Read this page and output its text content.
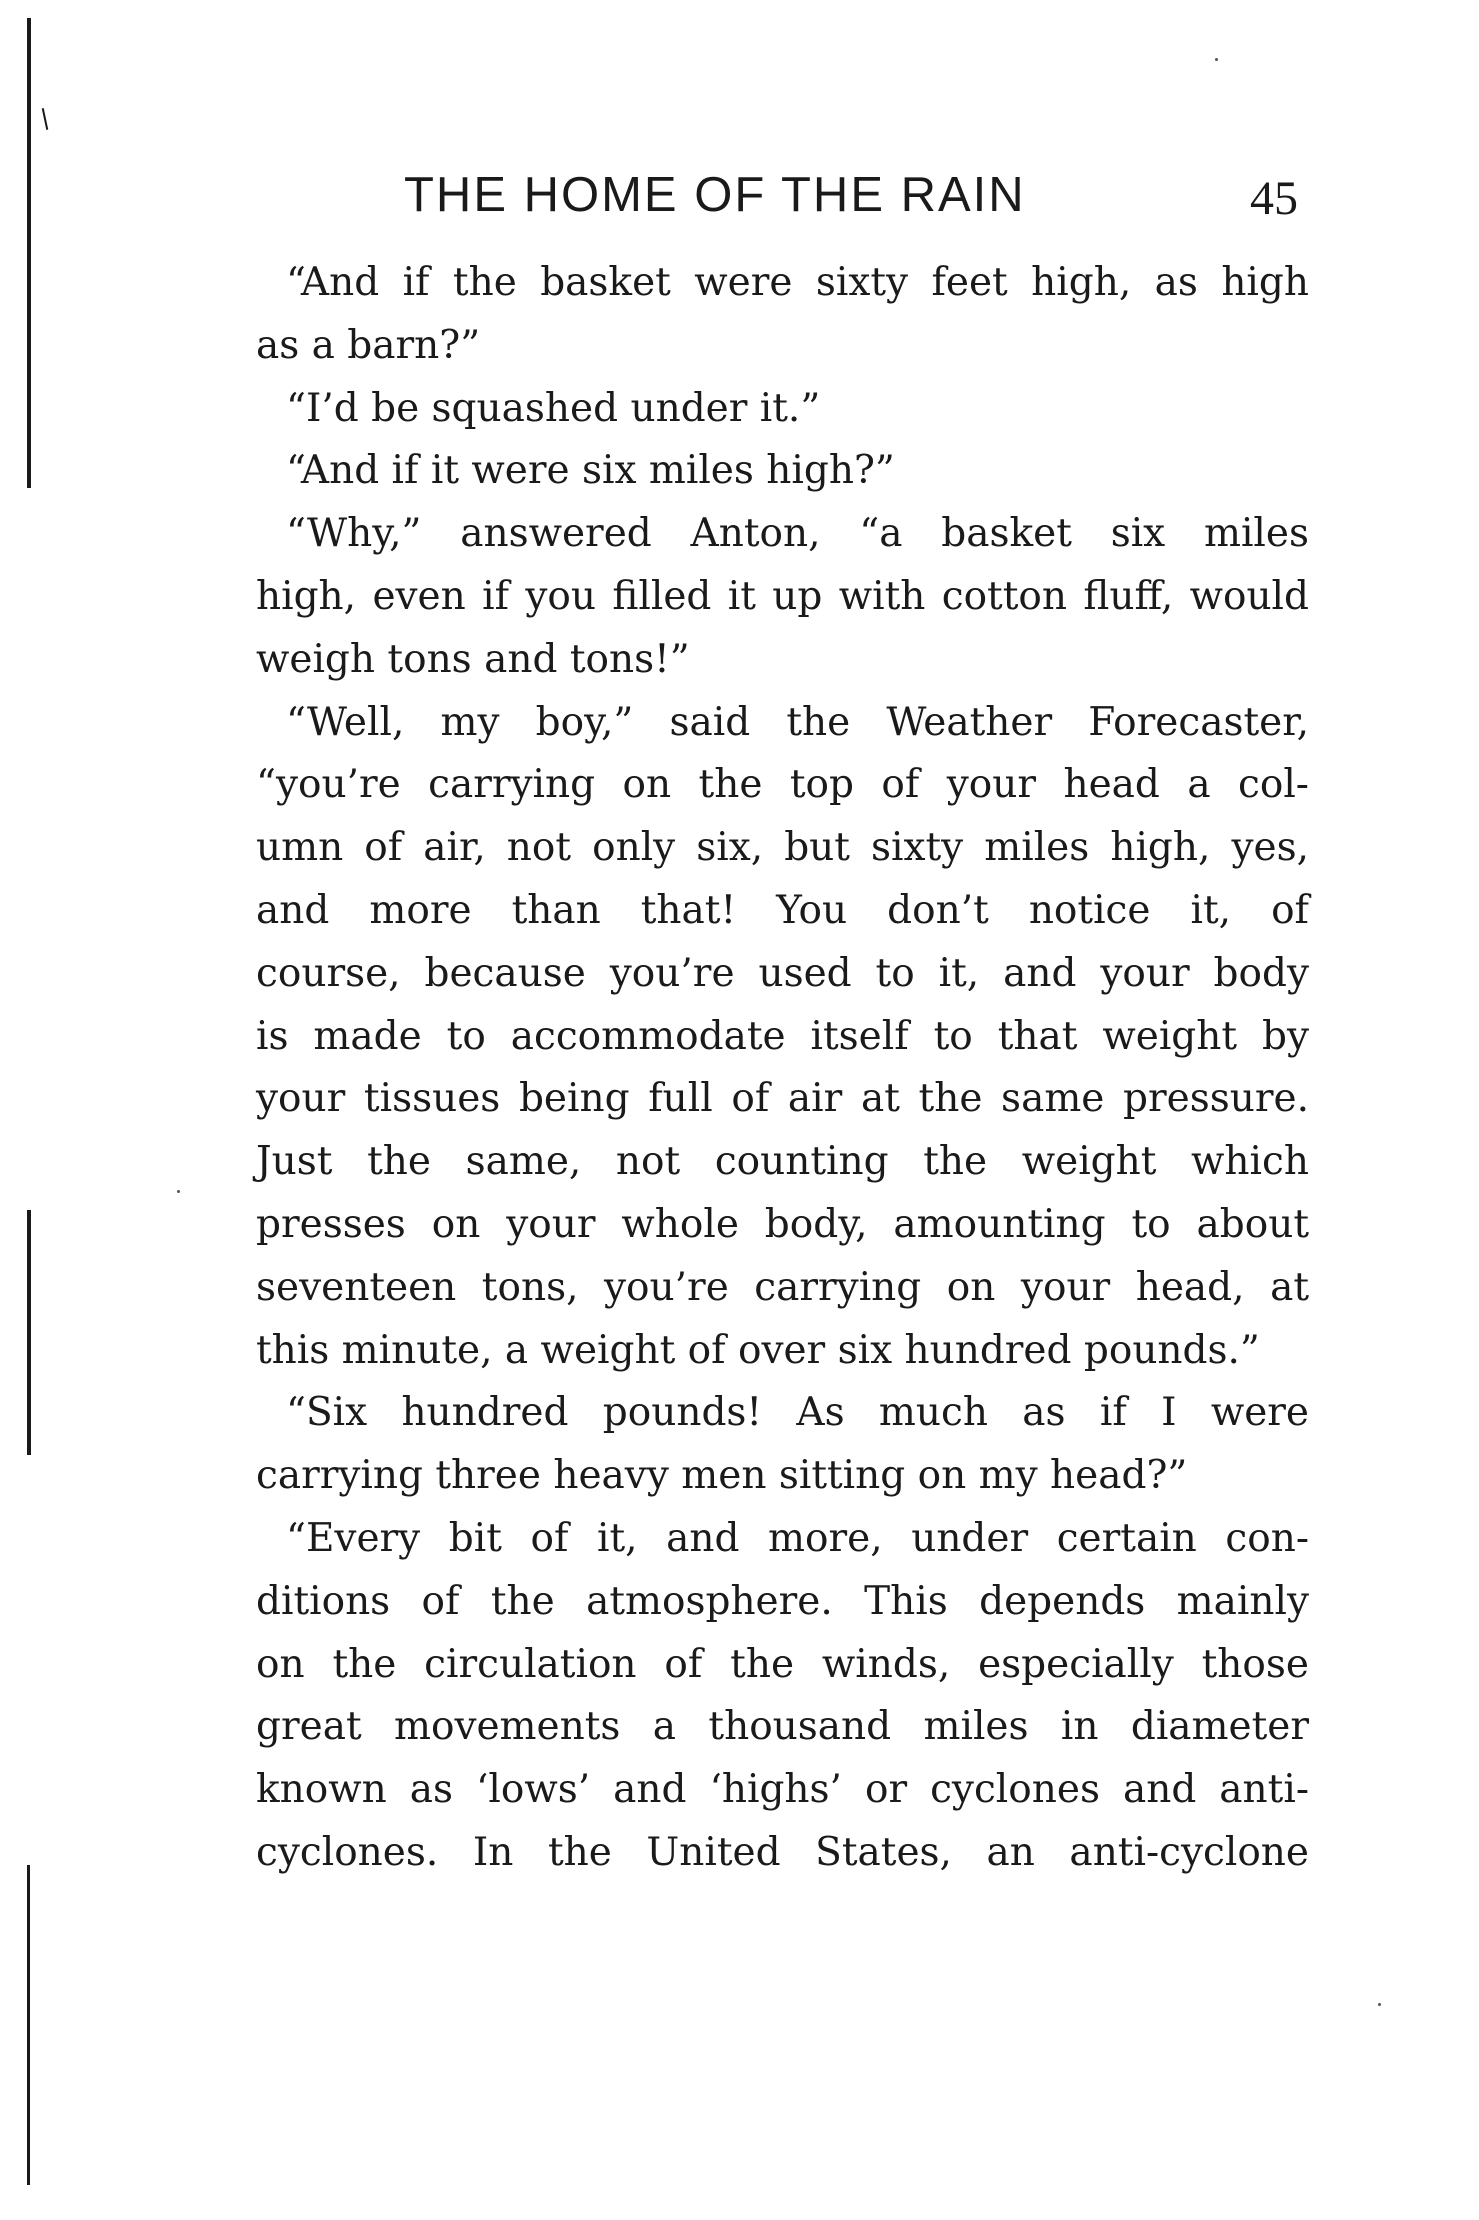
THE HOME OF THE RAIN	45
“And if the basket were sixty feet high, as high
as a barn?”
“I’d be squashed under it.”
“And if it were six miles high?”
“Why,” answered Anton, “a basket six miles
high, even if you filled it up with cotton fluff, would
weigh tons and tons!”
“Well, my boy,” said the Weather Forecaster,
“you’re carrying on the top of your head a col-
umn of air, not only six, but sixty miles high, yes,
and more than that! You don’t notice it, of
course, because you’re used to it, and your body
is made to accommodate itself to that weight by
your tissues being full of air at the same pressure.
Just the same, not counting the weight which
presses on your whole body, amounting to about
seventeen tons, you’re carrying on your head, at
this minute, a weight of over six hundred pounds.”
“Six hundred pounds! As much as if I were
carrying three heavy men sitting on my head?”
“Every bit of it, and more, under certain con-
ditions of the atmosphere. This depends mainly
on the circulation of the winds, especially those
great movements a thousand miles in diameter
known as ‘lows’ and ‘highs’ or cyclones and anti-
cyclones. In the United States, an anti-cyclone
